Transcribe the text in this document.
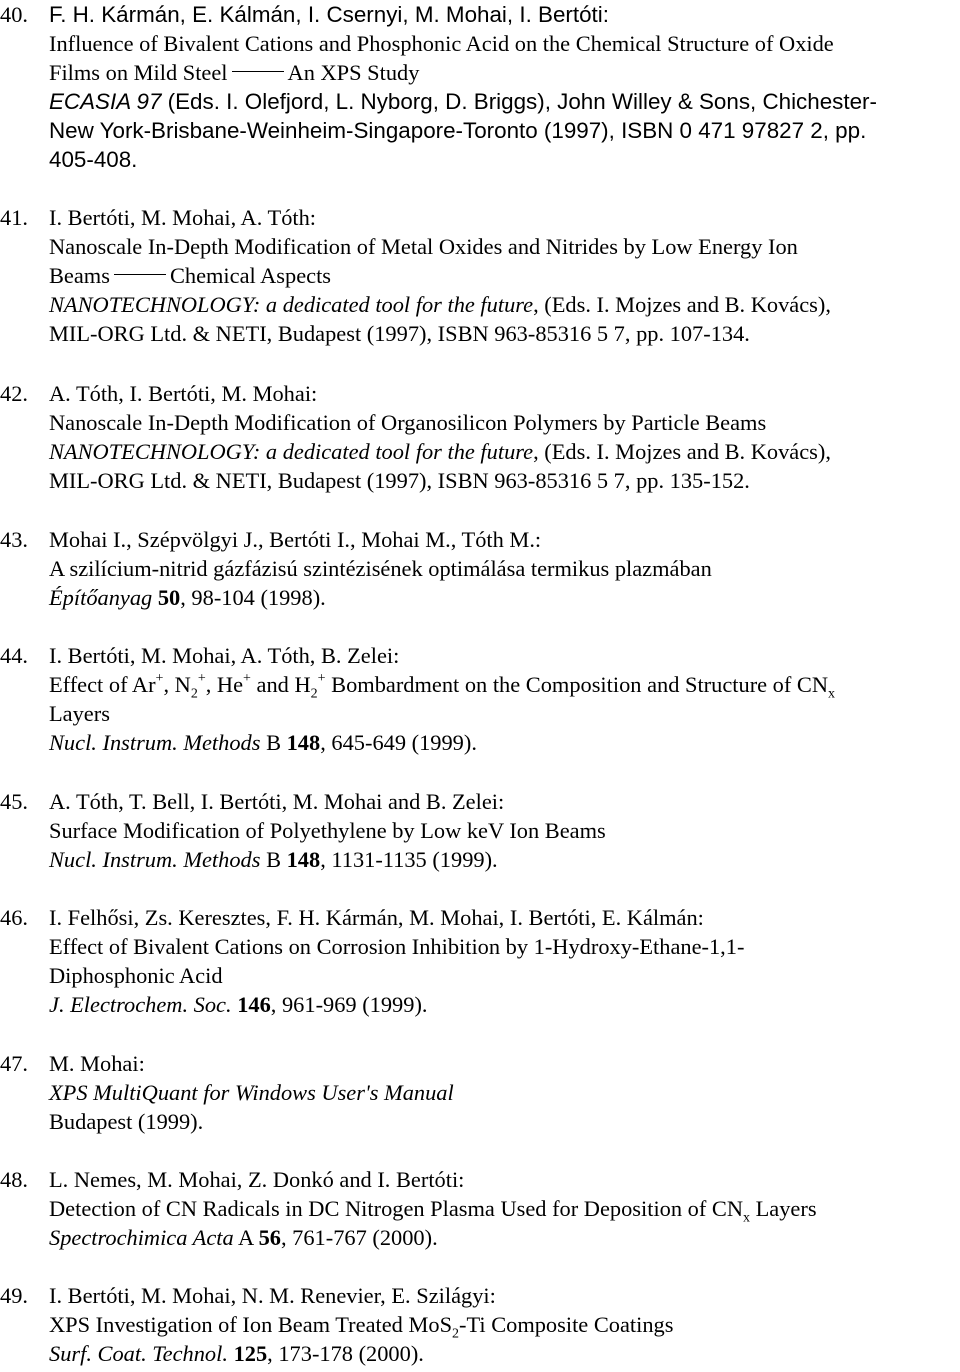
40. F. H. Kármán, E. Kálmán, I. Csernyi, M. Mohai, I. Bertóti:
Influence of Bivalent Cations and Phosphonic Acid on the Chemical Structure of Oxide
Films on Mild Steel	An XPS Study
ECASIA 97 (Eds. I. Olefjord, L. Nyborg, D. Briggs), John Willey & Sons, Chichester-
New York-Brisbane-Weinheim-Singapore-Toronto (1997), ISBN 0 471 97827 2, pp.
405-408.
41. I. Bertóti, M. Mohai, A. Tóth:
Nanoscale In-Depth Modification of Metal Oxides and Nitrides by Low Energy Ion
Beams	Chemical Aspects
NANOTECHNOLOGY: a dedicated tool for the future, (Eds. I. Mojzes and B. Kovács),
MIL-ORG Ltd. & NETI, Budapest (1997), ISBN 963-85316 5 7, pp. 107-134.
42. A. Tóth, I. Bertóti, M. Mohai:
Nanoscale In-Depth Modification of Organosilicon Polymers by Particle Beams
NANOTECHNOLOGY: a dedicated tool for the future, (Eds. I. Mojzes and B. Kovács),
MIL-ORG Ltd. & NETI, Budapest (1997), ISBN 963-85316 5 7, pp. 135-152.
43. Mohai I., Szépvölgyi J., Bertóti I., Mohai M., Tóth M.:
A szilícium-nitrid gázfázisú szintézisének optimálása termikus plazmában
Építőanyag 50, 98-104 (1998).
44. I. Bertóti, M. Mohai, A. Tóth, B. Zelei:
Effect of Ar+, $N_2^+$, He+ and $H_2^+$ Bombardment on the Composition and Structure of $CN_x$
Layers
Nucl. Instrum. Methods B 148, 645-649 (1999).
45. A. Tóth, T. Bell, I. Bertóti, M. Mohai and B. Zelei:
Surface Modification of Polyethylene by Low keV Ion Beams
Nucl. Instrum. Methods B 148, 1131-1135 (1999).
46. I. Felhősi, Zs. Keresztes, F. H. Kármán, M. Mohai, I. Bertóti, E. Kálmán:
Effect of Bivalent Cations on Corrosion Inhibition by 1-Hydroxy-Ethane-1,1-
Diphosphonic Acid
J. Electrochem. Soc. 146, 961-969 (1999).
47. M. Mohai:
XPS MultiQuant for Windows User's Manual
Budapest (1999).
48. L. Nemes, M. Mohai, Z. Donkó and I. Bertóti:
Detection of CN Radicals in DC Nitrogen Plasma Used for Deposition of $CN_x$ Layers
Spectrochimica Acta A 56, 761-767 (2000).
49. I. Bertóti, M. Mohai, N. M. Renevier, E. Szilágyi:
XPS Investigation of Ion Beam Treated MoS$_2$-Ti Composite Coatings
Surf. Coat. Technol. 125, 173-178 (2000).
